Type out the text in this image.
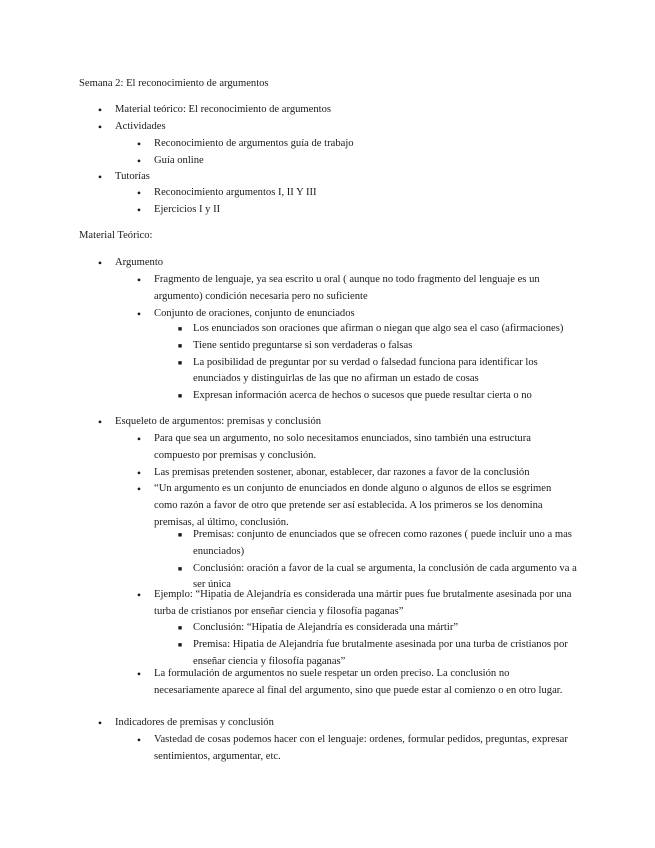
Semana 2: El reconocimiento de argumentos

•	Material teórico: El reconocimiento de argumentos
•	Actividades
•	Reconocimiento de argumentos guía de trabajo
•	Guía online
•	Tutorías
•	Reconocimiento argumentos I, II Y III
•	Ejercicios I y II

Material Teórico:

•	Argumento
•	Fragmento de lenguaje, ya sea escrito u oral ( aunque no todo fragmento del lenguaje es un argumento) condición necesaria pero no suficiente
•	Conjunto de oraciones, conjunto de enunciados
■	Los enunciados son oraciones que afirman o niegan que algo sea el caso (afirmaciones)
■	Tiene sentido preguntarse si son verdaderas o falsas
■	La posibilidad de preguntar por su verdad o falsedad funciona para identificar los enunciados y distinguirlas de las que no afirman un estado de cosas
■	Expresan información acerca de hechos o sucesos que puede resultar cierta o no
•	Esqueleto de argumentos: premisas y conclusión
•	Para que sea un argumento, no solo necesitamos enunciados, sino también una estructura compuesto por premisas y conclusión.
•	Las premisas pretenden sostener, abonar, establecer, dar razones a favor de la conclusión
•	“Un argumento es un conjunto de enunciados en donde alguno o algunos de ellos se esgrimen como razón a favor de otro que pretende ser así establecida. A los primeros se los denomina premisas, al último, conclusión.
■	Premisas: conjunto de enunciados que se ofrecen como razones ( puede incluir uno a mas enunciados)
■	Conclusión: oración a favor de la cual se argumenta, la conclusión de cada argumento va a ser única
•	Ejemplo: “Hipatia de Alejandría es considerada una mártir pues fue brutalmente asesinada por una turba de cristianos por enseñar ciencia y filosofía paganas”
■	Conclusión: “Hipatia de Alejandría es considerada una mártir”
■	Premisa: Hipatia de Alejandría fue brutalmente asesinada por una turba de cristianos por enseñar ciencia y filosofía paganas”
•	La formulación de argumentos no suele respetar un orden preciso. La conclusión no necesariamente aparece al final del argumento, sino que puede estar al comienzo o en otro lugar.
•	Indicadores de premisas y conclusión
•	Vastedad de cosas podemos hacer con el lenguaje: ordenes, formular pedidos, preguntas, expresar sentimientos, argumentar, etc.
